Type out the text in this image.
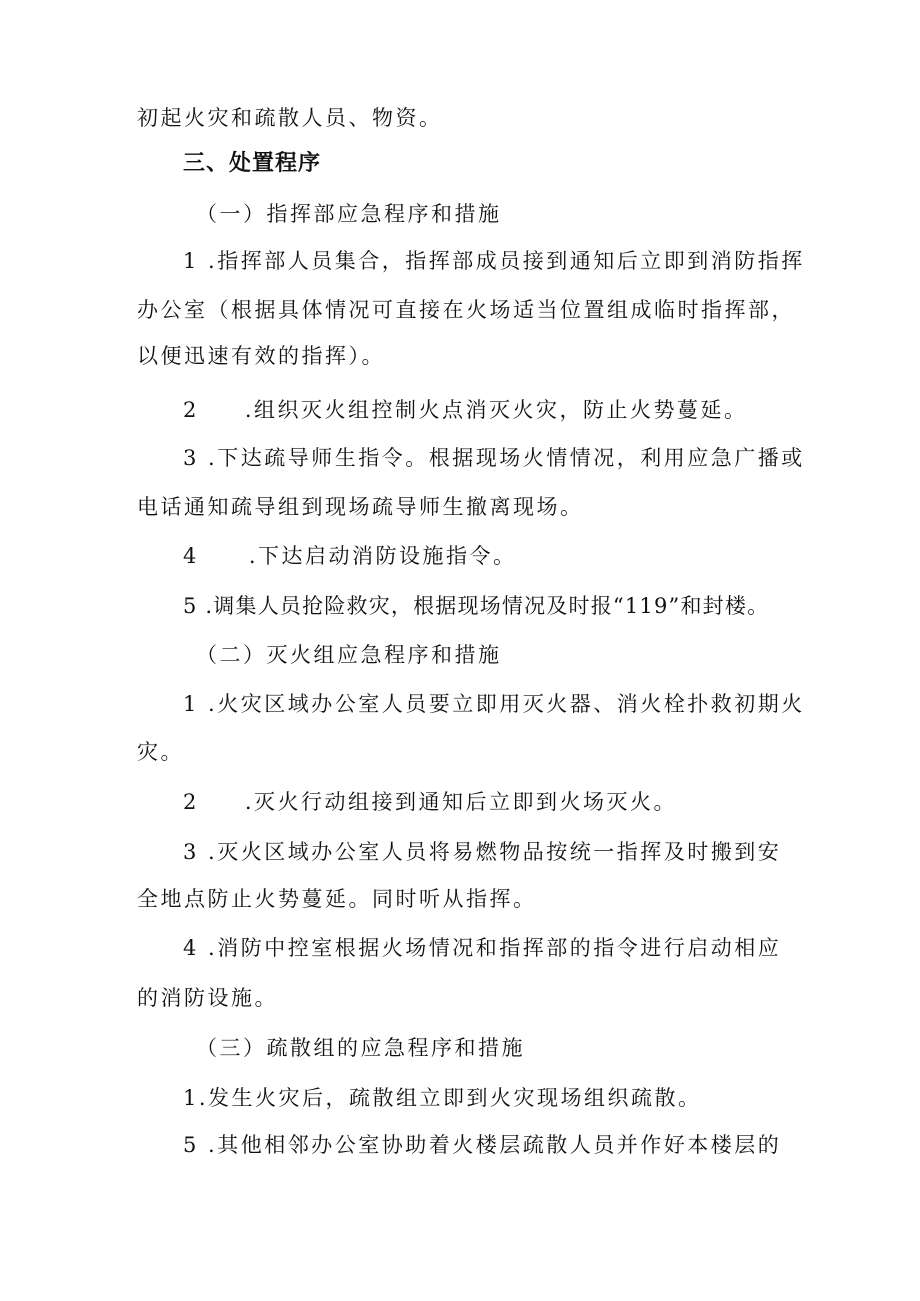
初起火灾和疏散人员、物资。
三、处置程序
（一）指挥部应急程序和措施
1 .指挥部人员集合，指挥部成员接到通知后立即到消防指挥
办公室（根据具体情况可直接在火场适当位置组成临时指挥部，
以便迅速有效的指挥）。
2 .组织灭火组控制火点消灭火灾，防止火势蔓延。
3 .下达疏导师生指令。根据现场火情情况，利用应急广播或
电话通知疏导组到现场疏导师生撤离现场。
4 .下达启动消防设施指令。
5 .调集人员抢险救灾，根据现场情况及时报“119”和封楼。
（二）灭火组应急程序和措施
1 .火灾区域办公室人员要立即用灭火器、消火栓扑救初期火
灾。
2 .灭火行动组接到通知后立即到火场灭火。
3 .灭火区域办公室人员将易燃物品按统一指挥及时搬到安
全地点防止火势蔓延。同时听从指挥。
4 .消防中控室根据火场情况和指挥部的指令进行启动相应
的消防设施。
（三）疏散组的应急程序和措施
1.发生火灾后，疏散组立即到火灾现场组织疏散。
5 .其他相邻办公室协助着火楼层疏散人员并作好本楼层的
